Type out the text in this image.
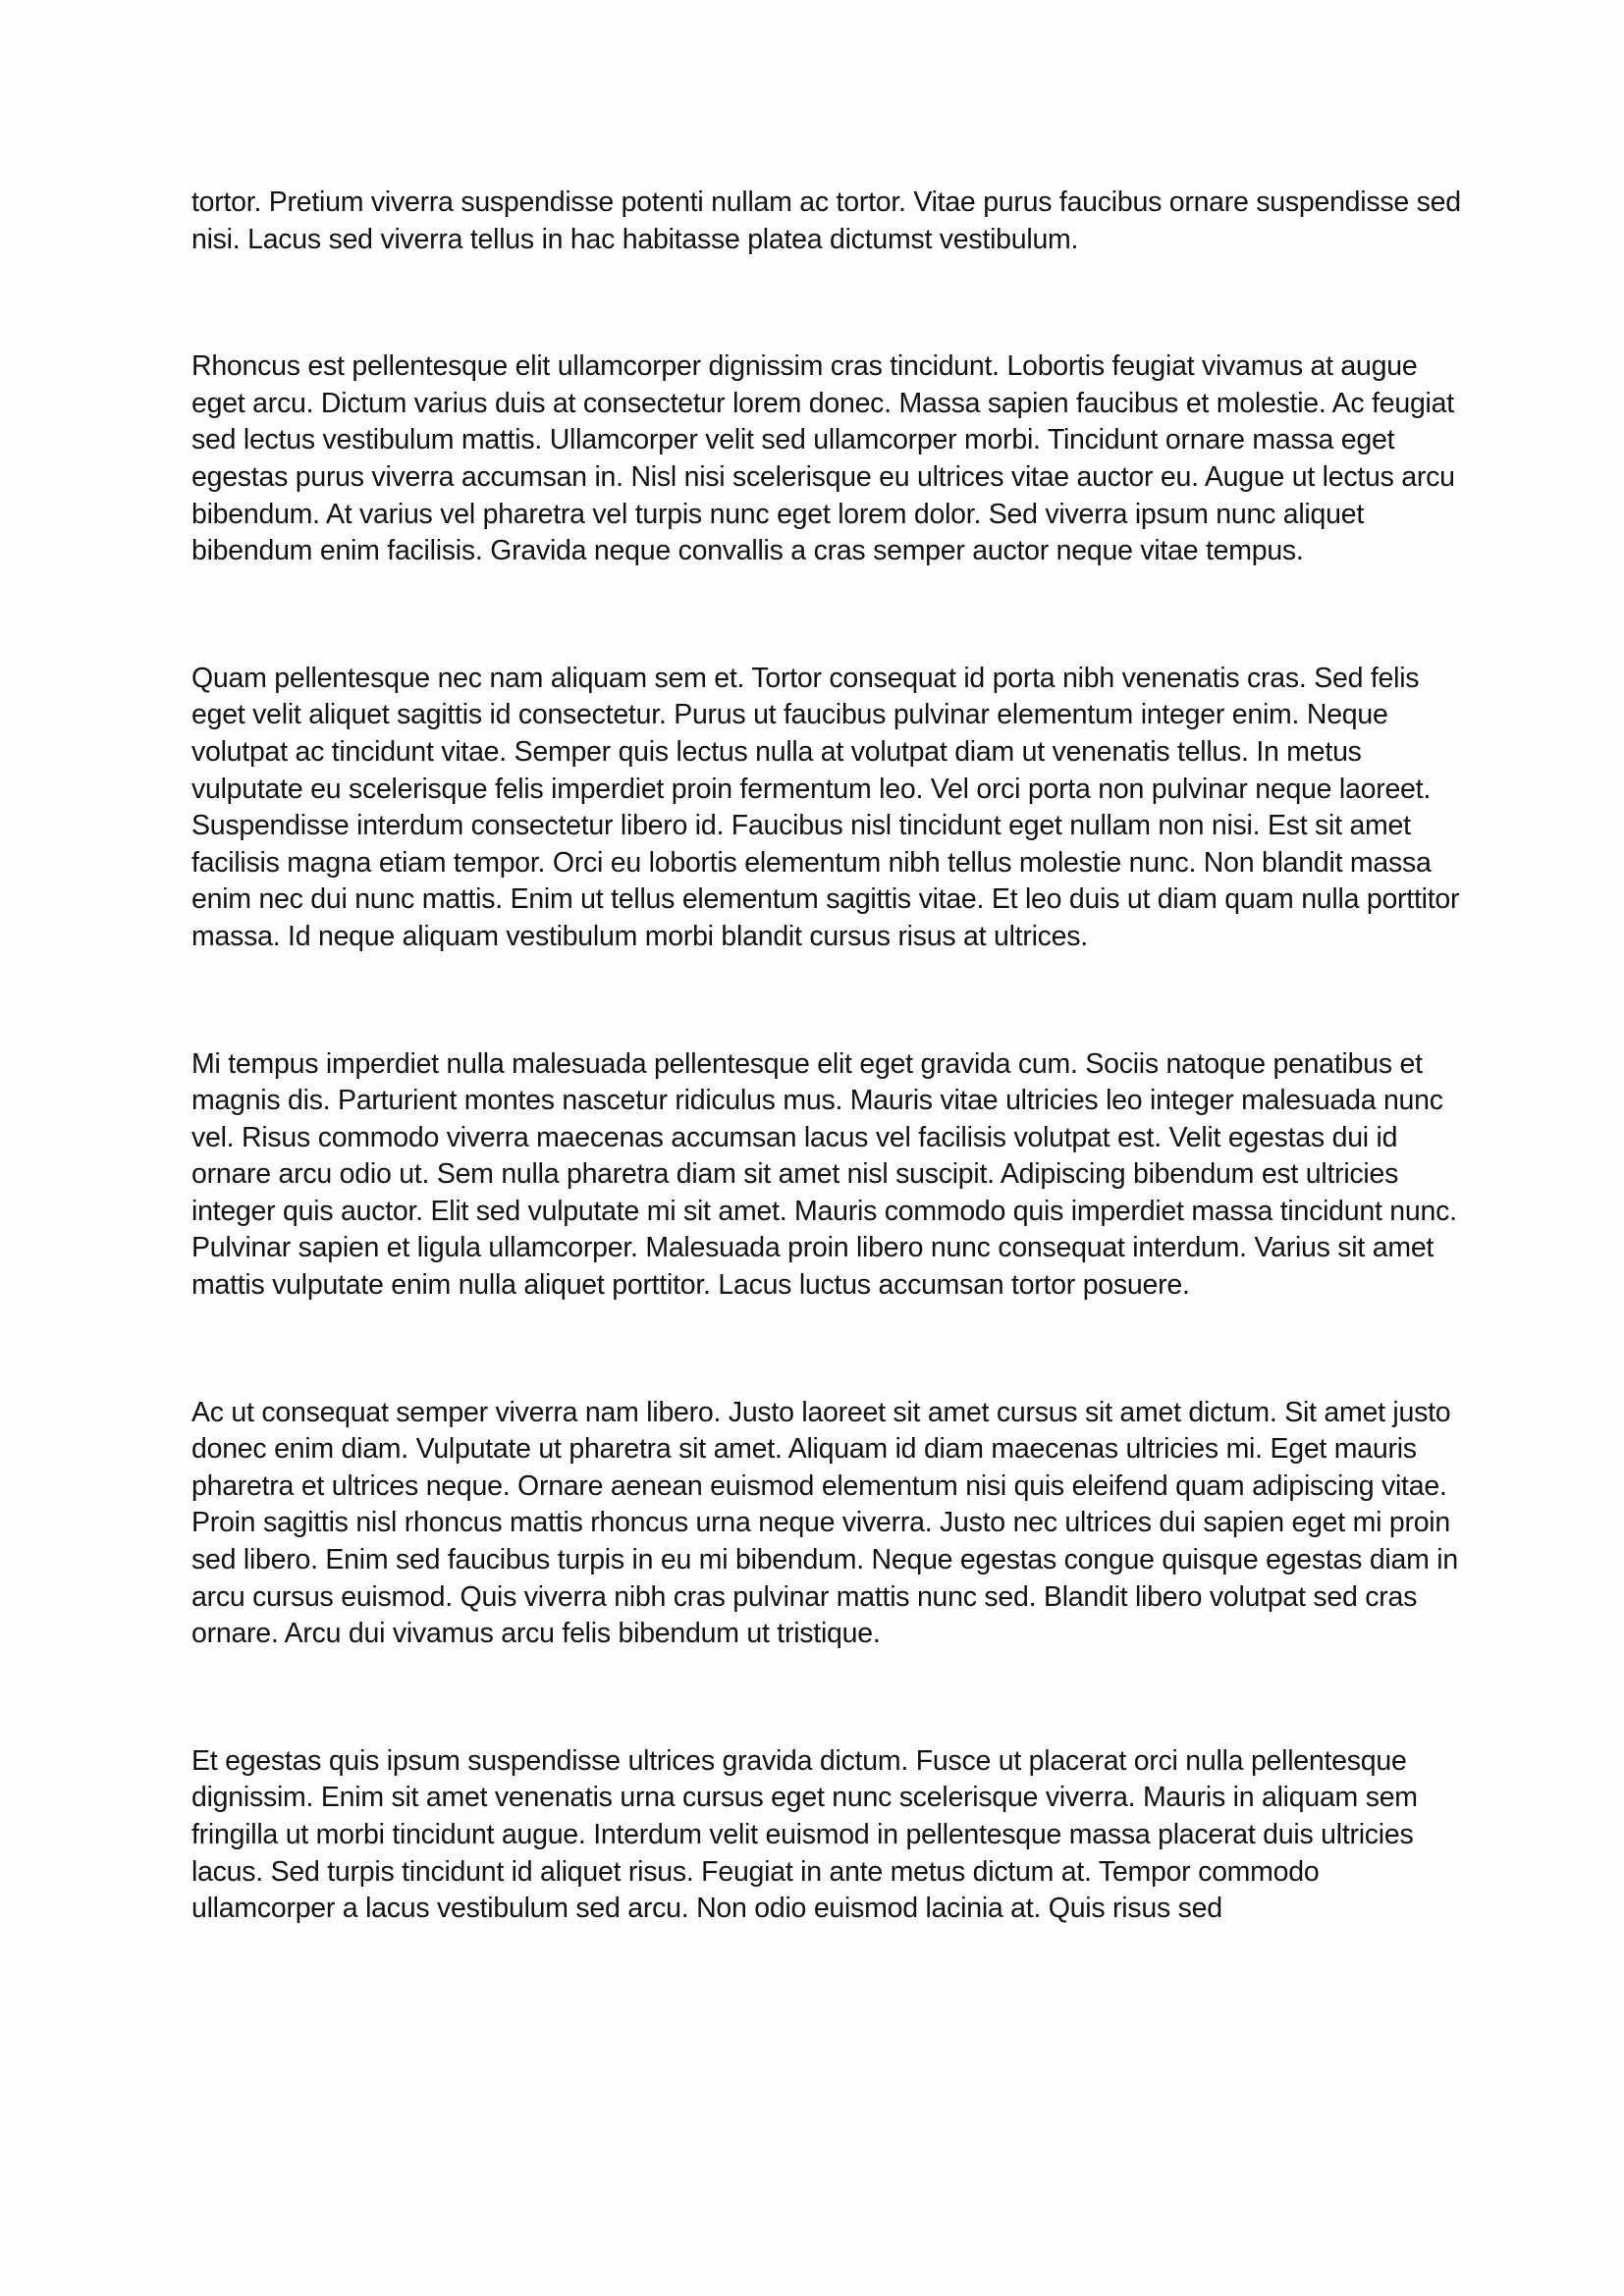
tortor. Pretium viverra suspendisse potenti nullam ac tortor. Vitae purus faucibus ornare suspendisse sed nisi. Lacus sed viverra tellus in hac habitasse platea dictumst vestibulum.

Rhoncus est pellentesque elit ullamcorper dignissim cras tincidunt. Lobortis feugiat vivamus at augue eget arcu. Dictum varius duis at consectetur lorem donec. Massa sapien faucibus et molestie. Ac feugiat sed lectus vestibulum mattis. Ullamcorper velit sed ullamcorper morbi. Tincidunt ornare massa eget egestas purus viverra accumsan in. Nisl nisi scelerisque eu ultrices vitae auctor eu. Augue ut lectus arcu bibendum. At varius vel pharetra vel turpis nunc eget lorem dolor. Sed viverra ipsum nunc aliquet bibendum enim facilisis. Gravida neque convallis a cras semper auctor neque vitae tempus.

Quam pellentesque nec nam aliquam sem et. Tortor consequat id porta nibh venenatis cras. Sed felis eget velit aliquet sagittis id consectetur. Purus ut faucibus pulvinar elementum integer enim. Neque volutpat ac tincidunt vitae. Semper quis lectus nulla at volutpat diam ut venenatis tellus. In metus vulputate eu scelerisque felis imperdiet proin fermentum leo. Vel orci porta non pulvinar neque laoreet. Suspendisse interdum consectetur libero id. Faucibus nisl tincidunt eget nullam non nisi. Est sit amet facilisis magna etiam tempor. Orci eu lobortis elementum nibh tellus molestie nunc. Non blandit massa enim nec dui nunc mattis. Enim ut tellus elementum sagittis vitae. Et leo duis ut diam quam nulla porttitor massa. Id neque aliquam vestibulum morbi blandit cursus risus at ultrices.

Mi tempus imperdiet nulla malesuada pellentesque elit eget gravida cum. Sociis natoque penatibus et magnis dis. Parturient montes nascetur ridiculus mus. Mauris vitae ultricies leo integer malesuada nunc vel. Risus commodo viverra maecenas accumsan lacus vel facilisis volutpat est. Velit egestas dui id ornare arcu odio ut. Sem nulla pharetra diam sit amet nisl suscipit. Adipiscing bibendum est ultricies integer quis auctor. Elit sed vulputate mi sit amet. Mauris commodo quis imperdiet massa tincidunt nunc. Pulvinar sapien et ligula ullamcorper. Malesuada proin libero nunc consequat interdum. Varius sit amet mattis vulputate enim nulla aliquet porttitor. Lacus luctus accumsan tortor posuere.

Ac ut consequat semper viverra nam libero. Justo laoreet sit amet cursus sit amet dictum. Sit amet justo donec enim diam. Vulputate ut pharetra sit amet. Aliquam id diam maecenas ultricies mi. Eget mauris pharetra et ultrices neque. Ornare aenean euismod elementum nisi quis eleifend quam adipiscing vitae. Proin sagittis nisl rhoncus mattis rhoncus urna neque viverra. Justo nec ultrices dui sapien eget mi proin sed libero. Enim sed faucibus turpis in eu mi bibendum. Neque egestas congue quisque egestas diam in arcu cursus euismod. Quis viverra nibh cras pulvinar mattis nunc sed. Blandit libero volutpat sed cras ornare. Arcu dui vivamus arcu felis bibendum ut tristique.

Et egestas quis ipsum suspendisse ultrices gravida dictum. Fusce ut placerat orci nulla pellentesque dignissim. Enim sit amet venenatis urna cursus eget nunc scelerisque viverra. Mauris in aliquam sem fringilla ut morbi tincidunt augue. Interdum velit euismod in pellentesque massa placerat duis ultricies lacus. Sed turpis tincidunt id aliquet risus. Feugiat in ante metus dictum at. Tempor commodo ullamcorper a lacus vestibulum sed arcu. Non odio euismod lacinia at. Quis risus sed
